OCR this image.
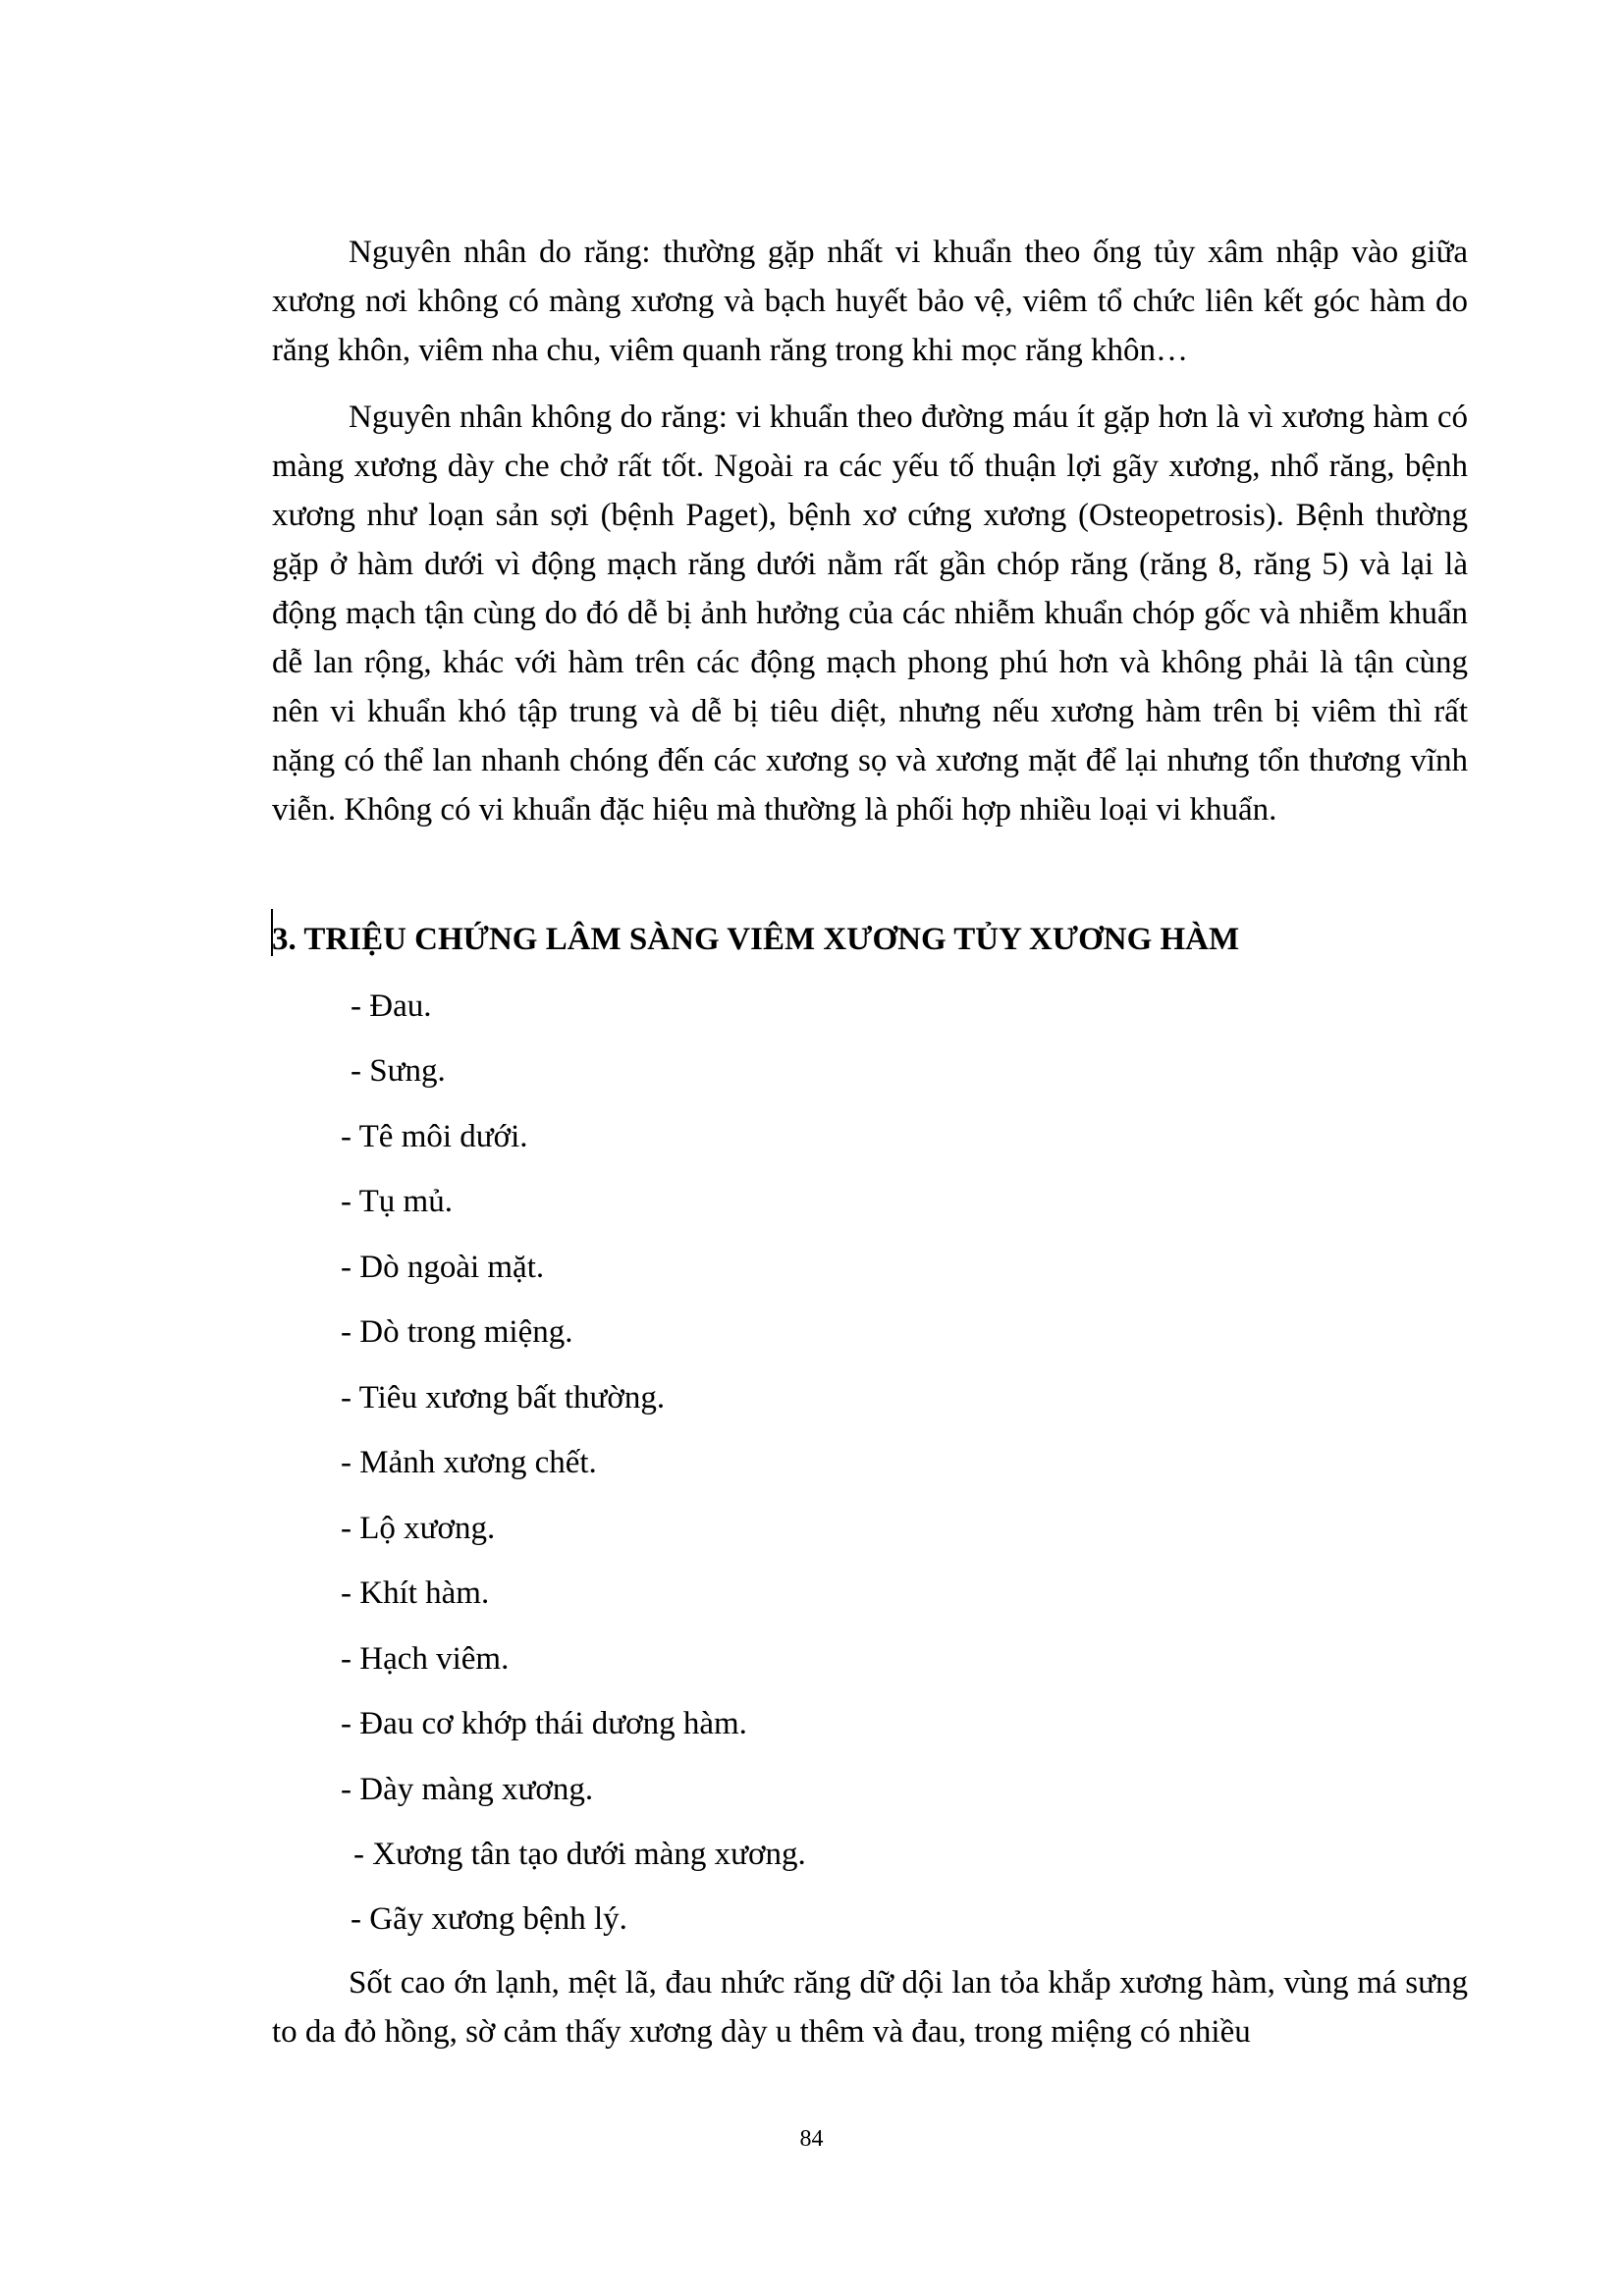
Nguyên nhân do răng: thường gặp nhất vi khuẩn theo ống tủy xâm nhập vào giữa xương nơi không có màng xương và bạch huyết bảo vệ, viêm tổ chức liên kết góc hàm do răng khôn, viêm nha chu, viêm quanh răng trong khi mọc răng khôn…

Nguyên nhân không do răng: vi khuẩn theo đường máu ít gặp hơn là vì xương hàm có màng xương dày che chở rất tốt. Ngoài ra các yếu tố thuận lợi gãy xương, nhổ răng, bệnh xương như loạn sản sợi (bệnh Paget), bệnh xơ cứng xương (Osteopetrosis). Bệnh thường gặp ở hàm dưới vì động mạch răng dưới nằm rất gần chóp răng (răng 8, răng 5) và lại là động mạch tận cùng do đó dễ bị ảnh hưởng của các nhiễm khuẩn chóp gốc và nhiễm khuẩn dễ lan rộng, khác với hàm trên các động mạch phong phú hơn và không phải là tận cùng nên vi khuẩn khó tập trung và dễ bị tiêu diệt, nhưng nếu xương hàm trên bị viêm thì rất nặng có thể lan nhanh chóng đến các xương sọ và xương mặt để lại nhưng tổn thương vĩnh viễn. Không có vi khuẩn đặc hiệu mà thường là phối hợp nhiều loại vi khuẩn.

3. TRIỆU CHỨNG LÂM SÀNG VIÊM XƯƠNG TỦY XƯƠNG HÀM
- Đau.
- Sưng.
- Tê môi dưới.
- Tụ mủ.
- Dò ngoài mặt.
- Dò trong miệng.
- Tiêu xương bất thường.
- Mảnh xương chết.
- Lộ xương.
- Khít hàm.
- Hạch viêm.
- Đau cơ khớp thái dương hàm.
- Dày màng xương.
- Xương tân tạo dưới màng xương.
- Gãy xương bệnh lý.

Sốt cao ớn lạnh, mệt lã, đau nhức răng dữ dội lan tỏa khắp xương hàm, vùng má sưng to da đỏ hồng, sờ cảm thấy xương dày u thêm và đau, trong miệng có nhiều

84
